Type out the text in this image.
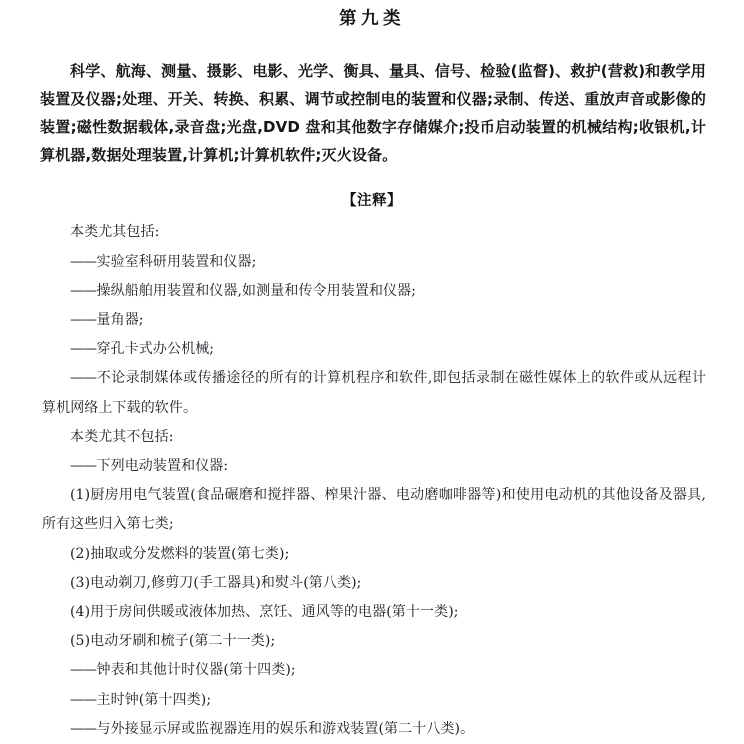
第九类

科学、航海、测量、摄影、电影、光学、衡具、量具、信号、检验(监督)、救护(营救)和教学用装置及仪器;处理、开关、转换、积累、调节或控制电的装置和仪器;录制、传送、重放声音或影像的装置;磁性数据载体,录音盘;光盘,DVD 盘和其他数字存储媒介;投币启动装置的机械结构;收银机,计算机器,数据处理装置,计算机;计算机软件;灭火设备。

【注释】

本类尤其包括:

——实验室科研用装置和仪器;

——操纵船舶用装置和仪器,如测量和传令用装置和仪器;

——量角器;

——穿孔卡式办公机械;

——不论录制媒体或传播途径的所有的计算机程序和软件,即包括录制在磁性媒体上的软件或从远程计算机网络上下载的软件。

本类尤其不包括:

——下列电动装置和仪器:

(1)厨房用电气装置(食品碾磨和搅拌器、榨果汁器、电动磨咖啡器等)和使用电动机的其他设备及器具,所有这些归入第七类;

(2)抽取或分发燃料的装置(第七类);

(3)电动剃刀,修剪刀(手工器具)和熨斗(第八类);

(4)用于房间供暖或液体加热、烹饪、通风等的电器(第十一类);

(5)电动牙刷和梳子(第二十一类);

——钟表和其他计时仪器(第十四类);

——主时钟(第十四类);

——与外接显示屏或监视器连用的娱乐和游戏装置(第二十八类)。
